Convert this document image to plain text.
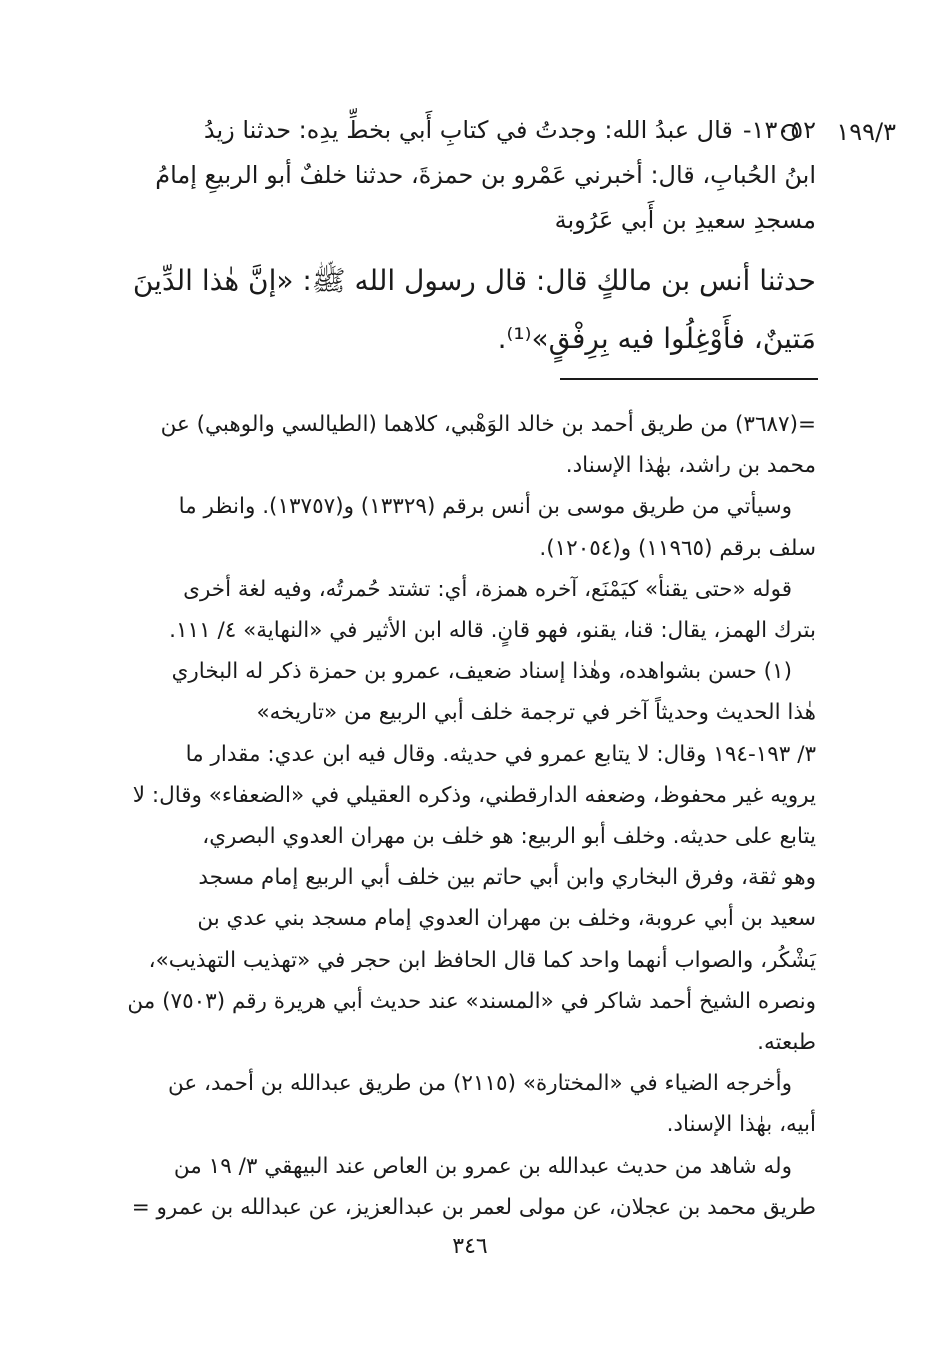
١٩٩/٣

١٣٠٥٢-قال عبدُ الله: وجدتُ في كتابِ أَبي بخطِّ يدِه: حدثنا زيدُ

ابنُ الحُبابِ، قال: أخبرني عَمْرو بن حمزةَ، حدثنا خلفٌ أبو الربيعِ إمامُ

مسجدِ سعيدِ بن أَبي عَرُوبة

حدثنا أنس بن مالكٍ قال: قال رسول الله ﷺ: «إنَّ هٰذا الدِّينَ

مَتينٌ، فأَوْغِلُوا فيه بِرِفْقٍ»⁽¹⁾.

=(٣٦٨٧) من طريق أحمد بن خالد الوَهْبي، كلاهما (الطيالسي والوهبي) عن

محمد بن راشد، بهٰذا الإسناد.

وسيأتي من طريق موسى بن أنس برقم (١٣٣٢٩) و(١٣٧٥٧). وانظر ما

سلف برقم (١١٩٦٥) و(١٢٠٥٤).

قوله «حتى يقنأ» كيَمْنَع، آخره همزة، أي: تشتد حُمرتُه، وفيه لغة أخرى

بترك الهمز، يقال: قنا، يقنو، فهو قانٍ. قاله ابن الأثير في «النهاية» ٤/ ١١١.

(١) حسن بشواهده، وهٰذا إسناد ضعيف، عمرو بن حمزة ذكر له البخاري

هٰذا الحديث وحديثاً آخر في ترجمة خلف أبي الربيع من «تاريخه»

٣/ ١٩٣-١٩٤ وقال: لا يتابع عمرو في حديثه. وقال فيه ابن عدي: مقدار ما

يرويه غير محفوظ، وضعفه الدارقطني، وذكره العقيلي في «الضعفاء» وقال: لا

يتابع على حديثه. وخلف أبو الربيع: هو خلف بن مهران العدوي البصري،

وهو ثقة، وفرق البخاري وابن أبي حاتم بين خلف أبي الربيع إمام مسجد

سعيد بن أبي عروبة، وخلف بن مهران العدوي إمام مسجد بني عدي بن

يَشْكُر، والصواب أنهما واحد كما قال الحافظ ابن حجر في «تهذيب التهذيب»،

ونصره الشيخ أحمد شاكر في «المسند» عند حديث أبي هريرة رقم (٧٥٠٣) من

طبعته.

وأخرجه الضياء في «المختارة» (٢١١٥) من طريق عبدالله بن أحمد، عن

أبيه، بهٰذا الإسناد.

وله شاهد من حديث عبدالله بن عمرو بن العاص عند البيهقي ٣/ ١٩ من

طريق محمد بن عجلان، عن مولى لعمر بن عبدالعزيز، عن عبدالله بن عمرو =

٣٤٦
